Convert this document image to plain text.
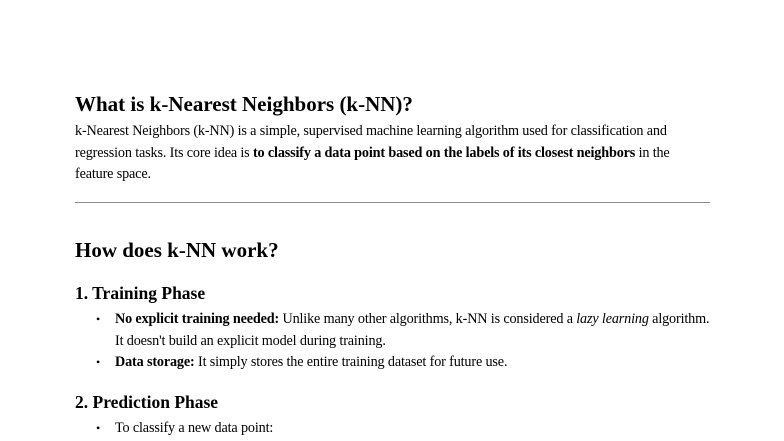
What is k-Nearest Neighbors (k-NN)?

k-Nearest Neighbors (k-NN) is a simple, supervised machine learning algorithm used for classification and regression tasks. Its core idea is to classify a data point based on the labels of its closest neighbors in the feature space.

How does k-NN work?
1. Training Phase
• No explicit training needed: Unlike many other algorithms, k-NN is considered a lazy learning algorithm. It doesn't build an explicit model during training.
• Data storage: It simply stores the entire training dataset for future use.
2. Prediction Phase
• To classify a new data point:
